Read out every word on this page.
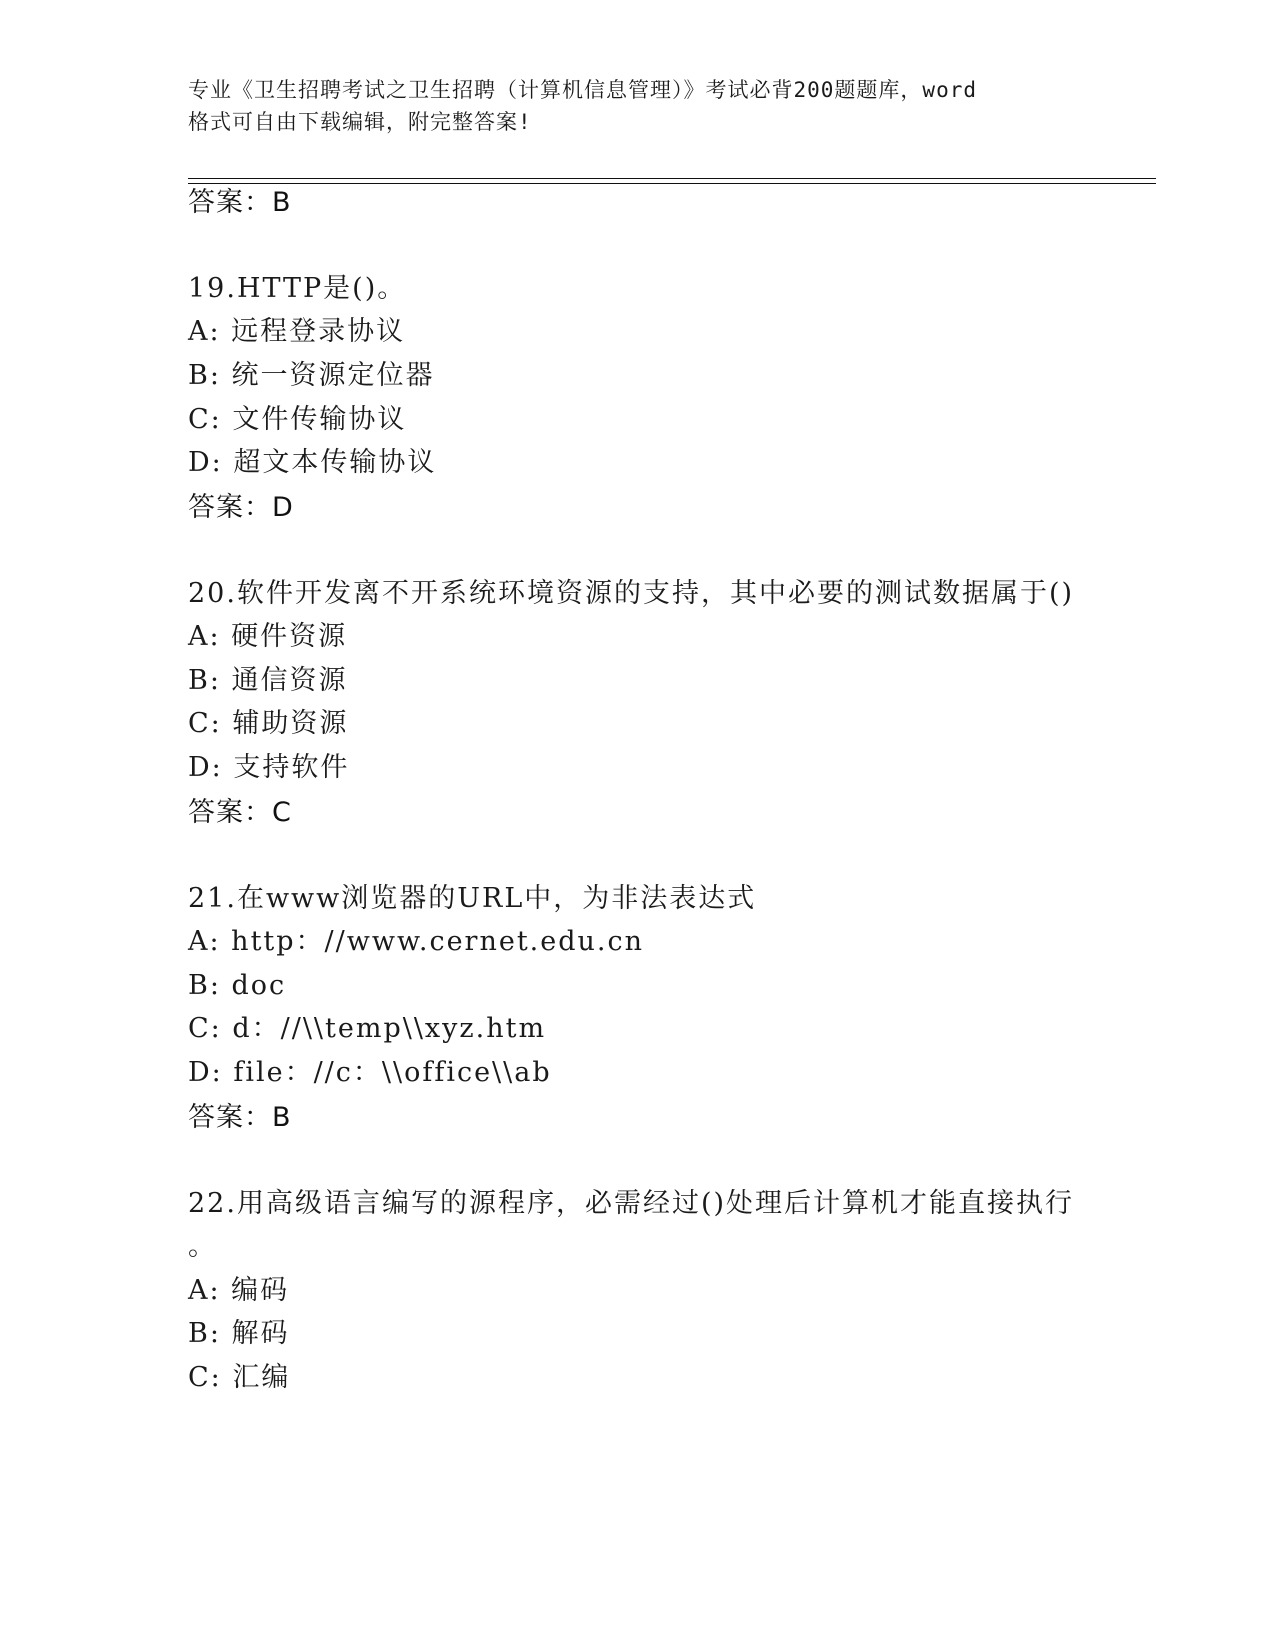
专业《卫生招聘考试之卫生招聘（计算机信息管理）》考试必背200题题库，word
格式可自由下载编辑，附完整答案!
答案：B
19.HTTP是()。
A: 远程登录协议
B: 统一资源定位器
C: 文件传输协议
D: 超文本传输协议
答案：D
20.软件开发离不开系统环境资源的支持，其中必要的测试数据属于()
A: 硬件资源
B: 通信资源
C: 辅助资源
D: 支持软件
答案：C
21.在www浏览器的URL中，为非法表达式
A: http：//www.cernet.edu.cn
B: doc
C: d：//\\temp\\xyz.htm
D: file：//c：\\office\\ab
答案：B
22.用高级语言编写的源程序，必需经过()处理后计算机才能直接执行
。
A: 编码
B: 解码
C: 汇编
